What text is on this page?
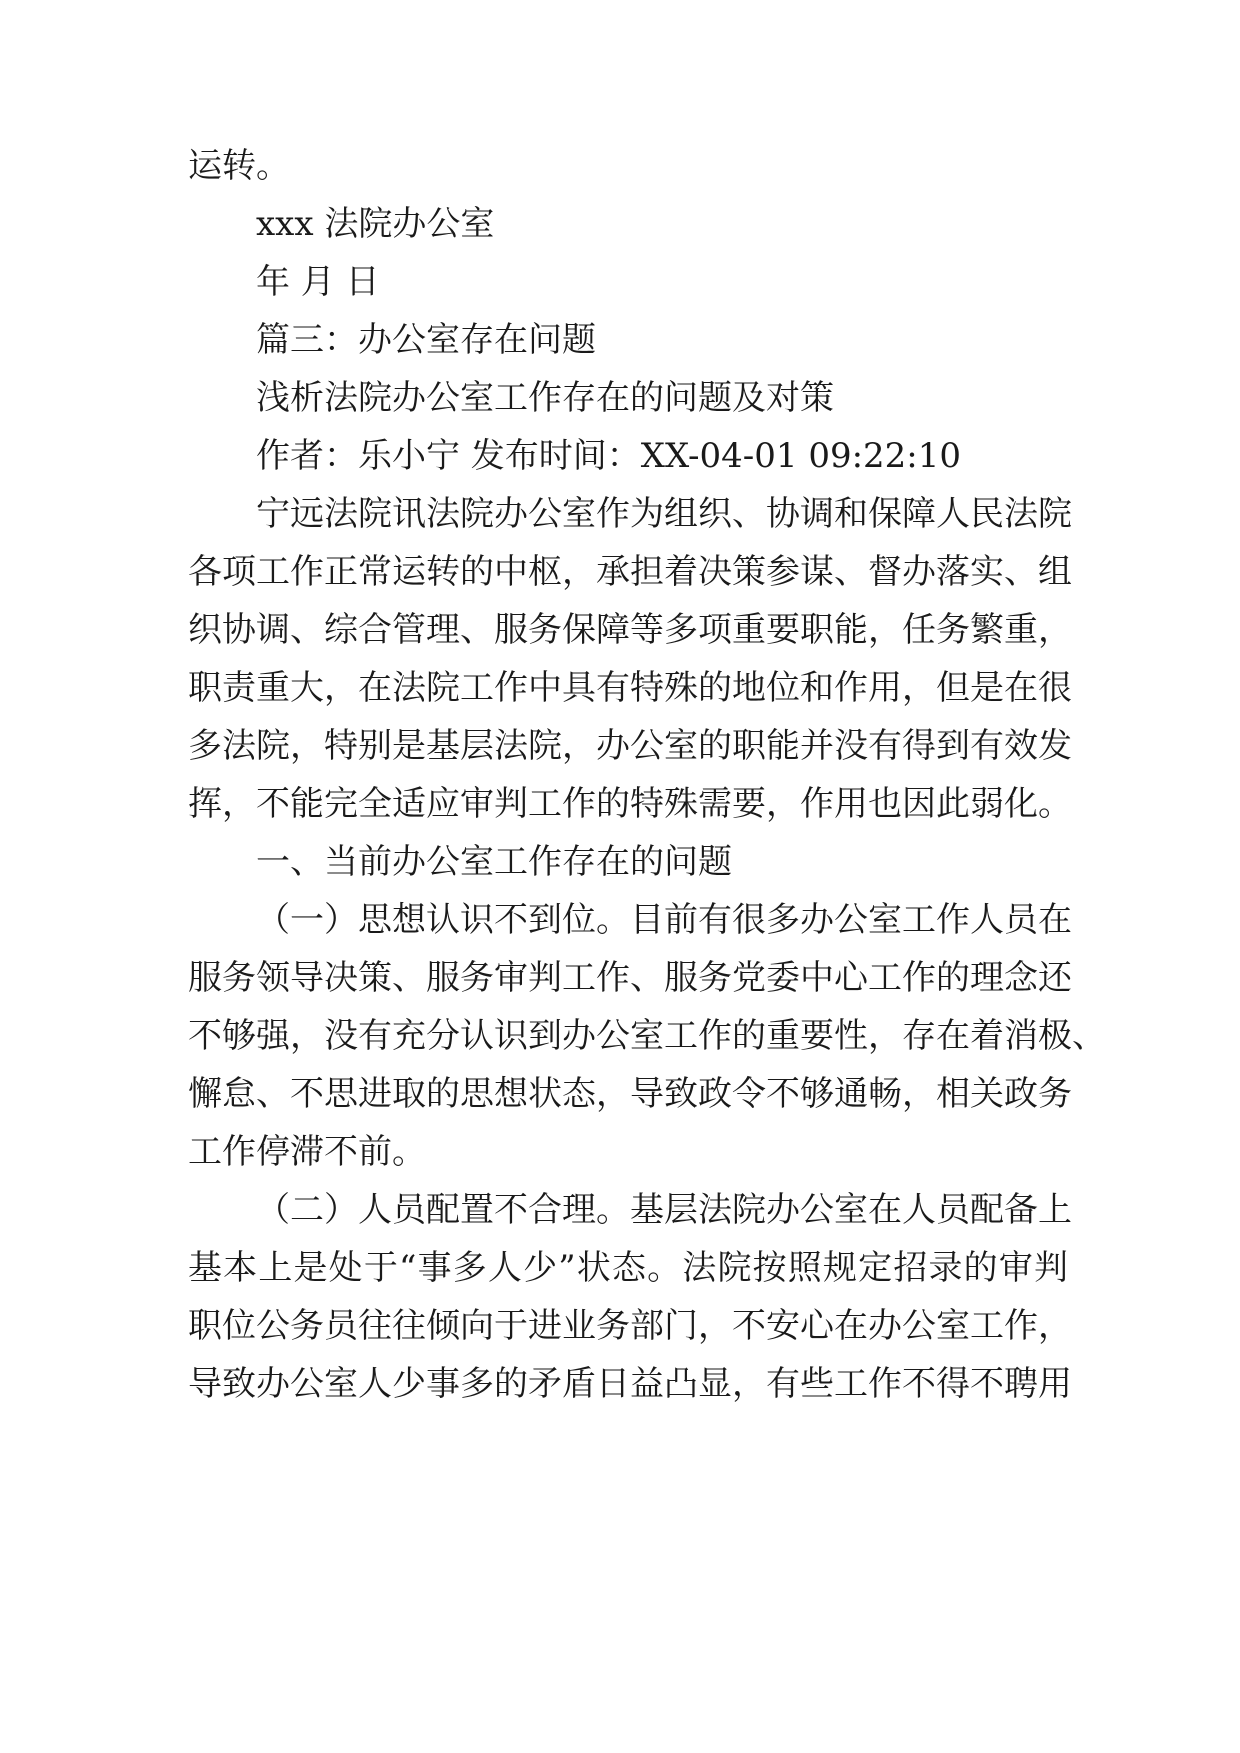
运转。
xxx 法院办公室
年 月 日
篇三：办公室存在问题
浅析法院办公室工作存在的问题及对策
作者：乐小宁 发布时间：XX-04-01 09:22:10
宁远法院讯法院办公室作为组织、协调和保障人民法院
各项工作正常运转的中枢，承担着决策参谋、督办落实、组
织协调、综合管理、服务保障等多项重要职能，任务繁重，
职责重大，在法院工作中具有特殊的地位和作用，但是在很
多法院，特别是基层法院，办公室的职能并没有得到有效发
挥，不能完全适应审判工作的特殊需要，作用也因此弱化。
一、当前办公室工作存在的问题
（一）思想认识不到位。目前有很多办公室工作人员在
服务领导决策、服务审判工作、服务党委中心工作的理念还
不够强，没有充分认识到办公室工作的重要性，存在着消极、
懈怠、不思进取的思想状态，导致政令不够通畅，相关政务
工作停滞不前。
（二）人员配置不合理。基层法院办公室在人员配备上
基本上是处于“事多人少”状态。法院按照规定招录的审判
职位公务员往往倾向于进业务部门，不安心在办公室工作，
导致办公室人少事多的矛盾日益凸显，有些工作不得不聘用
